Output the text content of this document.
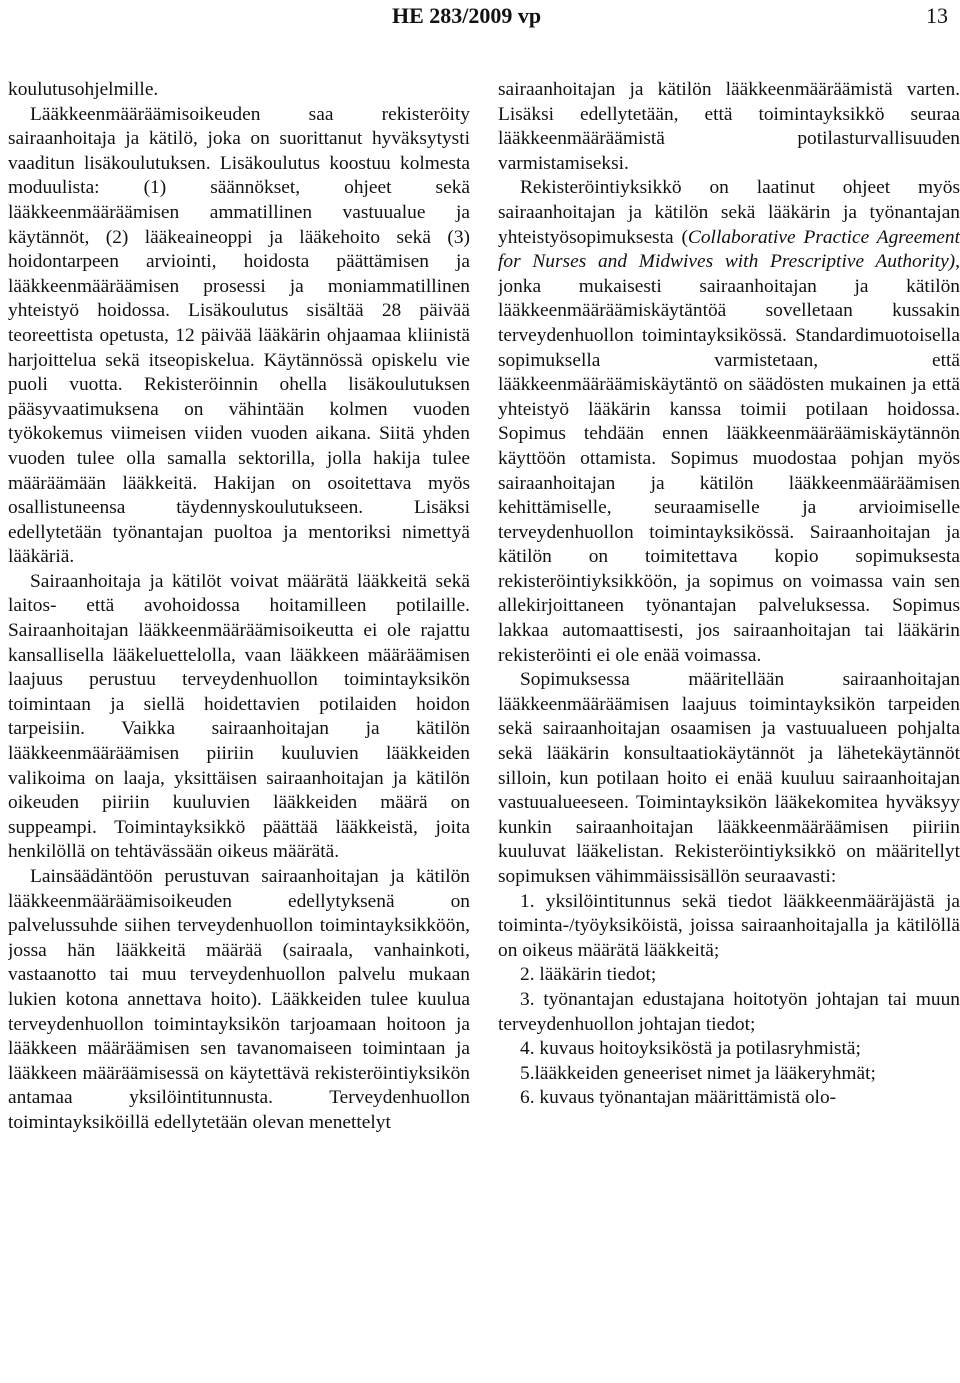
HE 283/2009 vp	13

koulutusohjelmille.

Lääkkeenmääräämisoikeuden saa rekisteröity sairaanhoitaja ja kätilö, joka on suorittanut hyväksytysti vaaditun lisäkoulutuksen. Lisäkoulutus koostuu kolmesta moduulista: (1) säännökset, ohjeet sekä lääkkeenmääräämisen ammatillinen vastuualue ja käytännöt, (2) lääkeaineoppi ja lääkehoito sekä (3) hoidontarpeen arviointi, hoidosta päättämisen ja lääkkeenmääräämisen prosessi ja moniammatillinen yhteistyö hoidossa. Lisäkoulutus sisältää 28 päivää teoreettista opetusta, 12 päivää lääkärin ohjaamaa kliinistä harjoittelua sekä itseopiskelua. Käytännössä opiskelu vie puoli vuotta. Rekisteröinnin ohella lisäkoulutuksen pääsyvaatimuksena on vähintään kolmen vuoden työkokemus viimeisen viiden vuoden aikana. Siitä yhden vuoden tulee olla samalla sektorilla, jolla hakija tulee määräämään lääkkeitä. Hakijan on osoitettava myös osallistuneensa täydennyskoulutukseen. Lisäksi edellytetään työnantajan puoltoa ja mentoriksi nimettyä lääkäriä.

Sairaanhoitaja ja kätilöt voivat määrätä lääkkeitä sekä laitos- että avohoidossa hoitamilleen potilaille. Sairaanhoitajan lääkkeenmääräämisoikeutta ei ole rajattu kansallisella lääkeluettelolla, vaan lääkkeen määräämisen laajuus perustuu terveydenhuollon toimintayksikön toimintaan ja siellä hoidettavien potilaiden hoidon tarpeisiin. Vaikka sairaanhoitajan ja kätilön lääkkeenmääräämisen piiriin kuuluvien lääkkeiden valikoima on laaja, yksittäisen sairaanhoitajan ja kätilön oikeuden piiriin kuuluvien lääkkeiden määrä on suppeampi. Toimintayksikkö päättää lääkkeistä, joita henkilöllä on tehtävässään oikeus määrätä.

Lainsäädäntöön perustuvan sairaanhoitajan ja kätilön lääkkeenmääräämisoikeuden edellytyksenä on palvelussuhde siihen terveydenhuollon toimintayksikköön, jossa hän lääkkeitä määrää (sairaala, vanhainkoti, vastaanotto tai muu terveydenhuollon palvelu mukaan lukien kotona annettava hoito). Lääkkeiden tulee kuulua terveydenhuollon toimintayksikön tarjoamaan hoitoon ja lääkkeen määräämisen sen tavanomaiseen toimintaan ja lääkkeen määräämisessä on käytettävä rekisteröintiyksikön antamaa yksilöintitunnusta. Terveydenhuollon toimintayksiköillä edellytetään olevan menettelyt

sairaanhoitajan ja kätilön lääkkeenmääräämistä varten. Lisäksi edellytetään, että toimintayksikkö seuraa lääkkeenmääräämistä potilasturvallisuuden varmistamiseksi.

Rekisteröintiyksikkö on laatinut ohjeet myös sairaanhoitajan ja kätilön sekä lääkärin ja työnantajan yhteistyösopimuksesta (Collaborative Practice Agreement for Nurses and Midwives with Prescriptive Authority), jonka mukaisesti sairaanhoitajan ja kätilön lääkkeenmääräämiskäytäntöä sovelletaan kussakin terveydenhuollon toimintayksikössä. Standardimuotoisella sopimuksella varmistetaan, että lääkkeenmääräämiskäytäntö on säädösten mukainen ja että yhteistyö lääkärin kanssa toimii potilaan hoidossa. Sopimus tehdään ennen lääkkeenmääräämiskäytännön käyttöön ottamista. Sopimus muodostaa pohjan myös sairaanhoitajan ja kätilön lääkkeenmääräämisen kehittämiselle, seuraamiselle ja arvioimiselle terveydenhuollon toimintayksikössä. Sairaanhoitajan ja kätilön on toimitettava kopio sopimuksesta rekisteröintiyksikköön, ja sopimus on voimassa vain sen allekirjoittaneen työnantajan palveluksessa. Sopimus lakkaa automaattisesti, jos sairaanhoitajan tai lääkärin rekisteröinti ei ole enää voimassa.

Sopimuksessa määritellään sairaanhoitajan lääkkeenmääräämisen laajuus toimintayksikön tarpeiden sekä sairaanhoitajan osaamisen ja vastuualueen pohjalta sekä lääkärin konsultaatiokäytännöt ja lähetekäytännöt silloin, kun potilaan hoito ei enää kuuluu sairaanhoitajan vastuualueeseen. Toimintayksikön lääkekomitea hyväksyy kunkin sairaanhoitajan lääkkeenmääräämisen piiriin kuuluvat lääkelistan. Rekisteröintiyksikkö on määritellyt sopimuksen vähimmäissisällön seuraavasti:

1. yksilöintitunnus sekä tiedot lääkkeenmääräjästä ja toiminta-/työyksiköistä, joissa sairaanhoitajalla ja kätilöllä on oikeus määrätä lääkkeitä;

2. lääkärin tiedot;

3. työnantajan edustajana hoitotyön johtajan tai muun terveydenhuollon johtajan tiedot;

4. kuvaus hoitoyksiköstä ja potilasryhmistä;

5.lääkkeiden geneeriset nimet ja lääkeryhmät;

6. kuvaus työnantajan määrittämistä olo-
